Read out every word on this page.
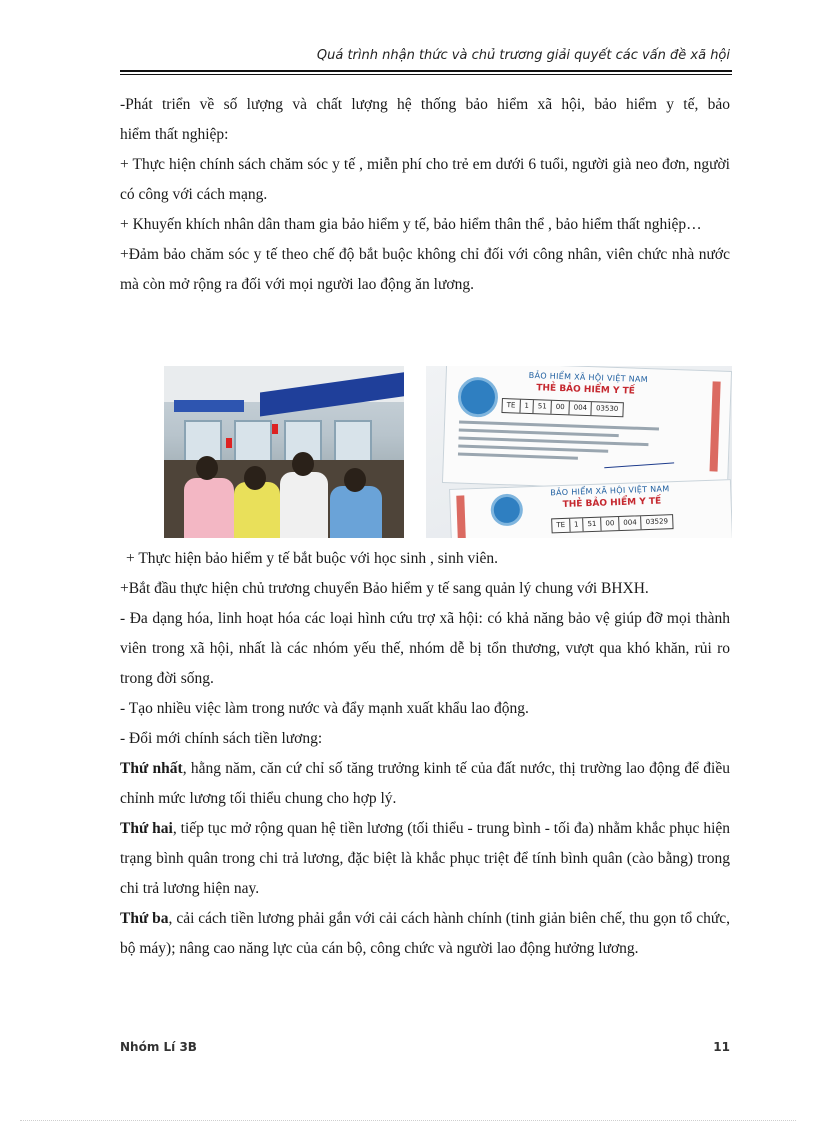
Quá trình nhận thức và chủ trương giải quyết các vấn đề xã hội

-Phát triển về số lượng và chất lượng hệ thống bảo hiểm xã hội, bảo hiểm y tế, bảo

hiểm thất nghiệp:

+ Thực hiện chính sách chăm sóc y tế , miễn phí cho trẻ em dưới 6 tuổi, người già neo đơn, người có công với cách mạng.

+ Khuyến khích nhân dân tham gia bảo hiểm y tế, bảo hiểm thân thể , bảo hiểm thất nghiệp…

+Đảm bảo chăm sóc y tế theo chế độ bắt buộc không chỉ đối với công nhân, viên chức nhà nước mà còn mở rộng ra đối với mọi người lao động ăn lương.

BẢO HIỂM XÃ HỘI VIỆT NAM
THẺ BẢO HIỂM Y TẾ
TE	1	51	00	004	03530
BẢO HIỂM XÃ HỘI VIỆT NAM
THẺ BẢO HIỂM Y TẾ
TE	1	51	00	004	03529

+ Thực hiện bảo hiểm y tế bắt buộc với học sinh , sinh viên.

+Bắt đầu thực hiện chủ trương chuyển Bảo hiểm y tế sang quản lý chung với BHXH.

- Đa dạng hóa, linh hoạt hóa các loại hình cứu trợ xã hội: có khả năng bảo vệ giúp đỡ mọi thành viên trong xã hội, nhất là các nhóm yếu thế, nhóm dễ bị tổn thương, vượt qua khó khăn, rủi ro trong đời sống.

- Tạo nhiều việc làm trong nước và đẩy mạnh xuất khẩu lao động.

- Đổi mới chính sách tiền lương:

Thứ nhất, hằng năm, căn cứ chỉ số tăng trưởng kinh tế của đất nước, thị trường lao động để điều chỉnh mức lương tối thiểu chung cho hợp lý.

Thứ hai, tiếp tục mở rộng quan hệ tiền lương (tối thiểu - trung bình - tối đa) nhằm khắc phục hiện trạng bình quân trong chi trả lương, đặc biệt là khắc phục triệt để tính bình quân (cào bằng) trong chi trả lương hiện nay.

Thứ ba, cải cách tiền lương phải gắn với cải cách hành chính (tinh giản biên chế, thu gọn tổ chức, bộ máy); nâng cao năng lực của cán bộ, công chức và người lao động hưởng lương.

Nhóm Lí 3B	11
